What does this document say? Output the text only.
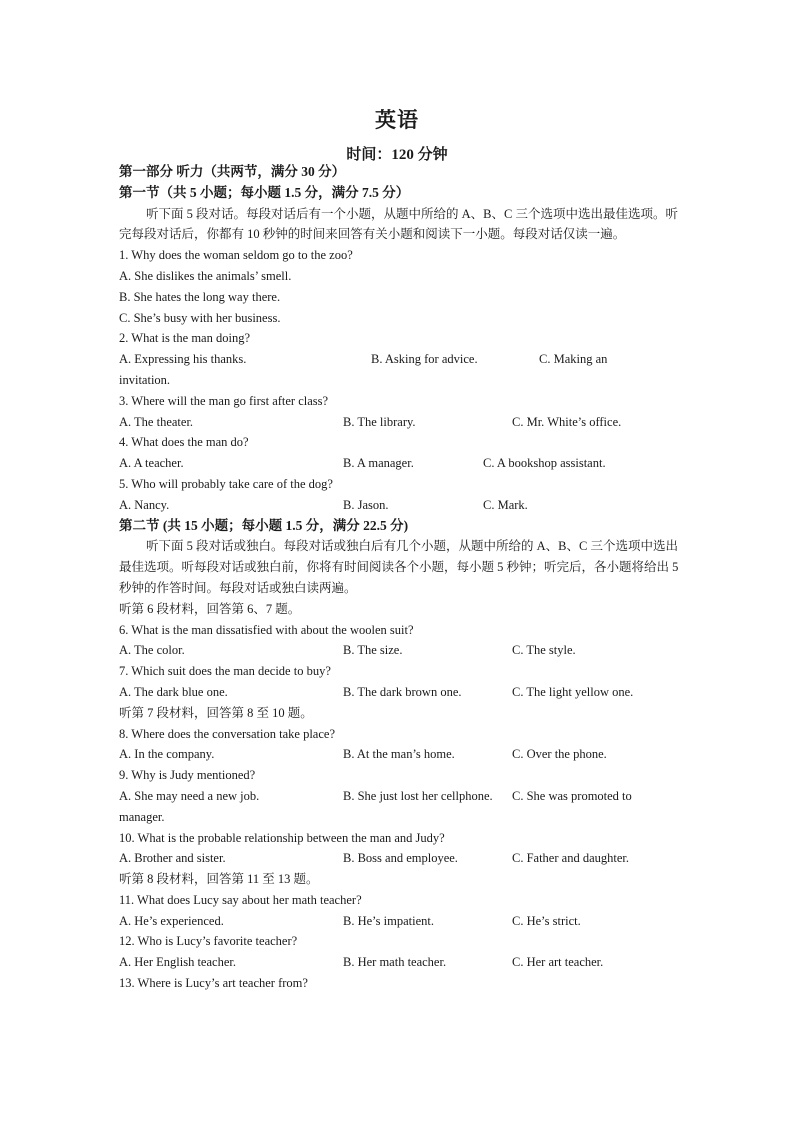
英语
时间：120 分钟
第一部分 听力（共两节，满分 30 分）
第一节（共 5 小题；每小题 1.5 分，满分 7.5 分）
听下面 5 段对话。每段对话后有一个小题，从题中所给的 A、B、C 三个选项中选出最佳选项。听完每段对话后，你都有 10 秒钟的时间来回答有关小题和阅读下一小题。每段对话仅读一遍。
1. Why does the woman seldom go to the zoo?
A. She dislikes the animals’ smell.
B. She hates the long way there.
C. She’s busy with her business.
2. What is the man doing?
A. Expressing his thanks.	B. Asking for advice.	C. Making an
invitation.
3. Where will the man go first after class?
A. The theater.	B. The library.	C. Mr. White’s office.
4. What does the man do?
A. A teacher.	B. A manager.	C. A bookshop assistant.
5. Who will probably take care of the dog?
A. Nancy.	B. Jason.	C. Mark.
第二节 (共 15 小题；每小题 1.5 分，满分 22.5 分)
听下面 5 段对话或独白。每段对话或独白后有几个小题，从题中所给的 A、B、C 三个选项中选出最佳选项。听每段对话或独白前，你将有时间阅读各个小题，每小题 5 秒钟；听完后，各小题将给出 5 秒钟的作答时间。每段对话或独白读两遍。
听第 6 段材料，回答第 6、7 题。
6. What is the man dissatisfied with about the woolen suit?
A. The color.	B. The size.	C. The style.
7. Which suit does the man decide to buy?
A. The dark blue one.	B. The dark brown one.	C. The light yellow one.
听第 7 段材料，回答第 8 至 10 题。
8. Where does the conversation take place?
A. In the company.	B. At the man’s home.	C. Over the phone.
9. Why is Judy mentioned?
A. She may need a new job.	B. She just lost her cellphone. C. She was promoted to
manager.
10. What is the probable relationship between the man and Judy?
A. Brother and sister.	B. Boss and employee.	C. Father and daughter.
听第 8 段材料，回答第 11 至 13 题。
11. What does Lucy say about her math teacher?
A. He’s experienced.	B. He’s impatient.	C. He’s strict.
12. Who is Lucy’s favorite teacher?
A. Her English teacher.	B. Her math teacher.	C. Her art teacher.
13. Where is Lucy’s art teacher from?
